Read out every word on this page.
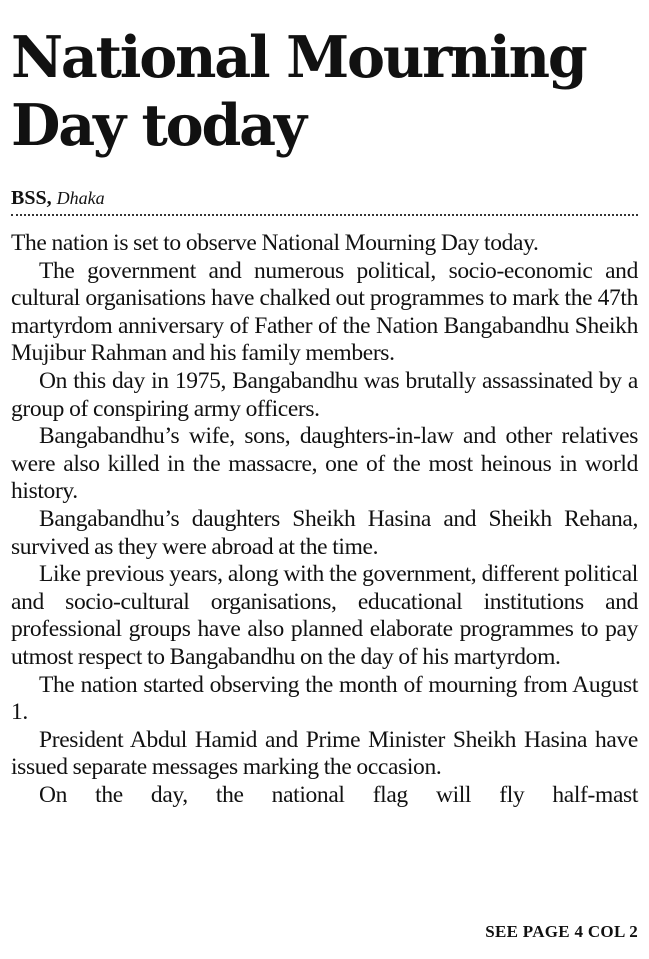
National Mourning Day today
BSS, Dhaka

The nation is set to observe National Mourning Day today.

The government and numerous political, socio-economic and cultural organisations have chalked out programmes to mark the 47th martyrdom anniversary of Father of the Nation Bangabandhu Sheikh Mujibur Rahman and his family members.

On this day in 1975, Bangabandhu was brutally assassinated by a group of conspiring army officers.

Bangabandhu’s wife, sons, daughters-in-law and other relatives were also killed in the massacre, one of the most heinous in world history.

Bangabandhu’s daughters Sheikh Hasina and Sheikh Rehana, survived as they were abroad at the time.

Like previous years, along with the government, different political and socio-cultural organisations, educational institutions and professional groups have also planned elaborate programmes to pay utmost respect to Bangabandhu on the day of his martyrdom.

The nation started observing the month of mourning from August 1.

President Abdul Hamid and Prime Minister Sheikh Hasina have issued separate messages marking the occasion.

On the day, the national flag will fly half-mast

SEE PAGE 4 COL 2
